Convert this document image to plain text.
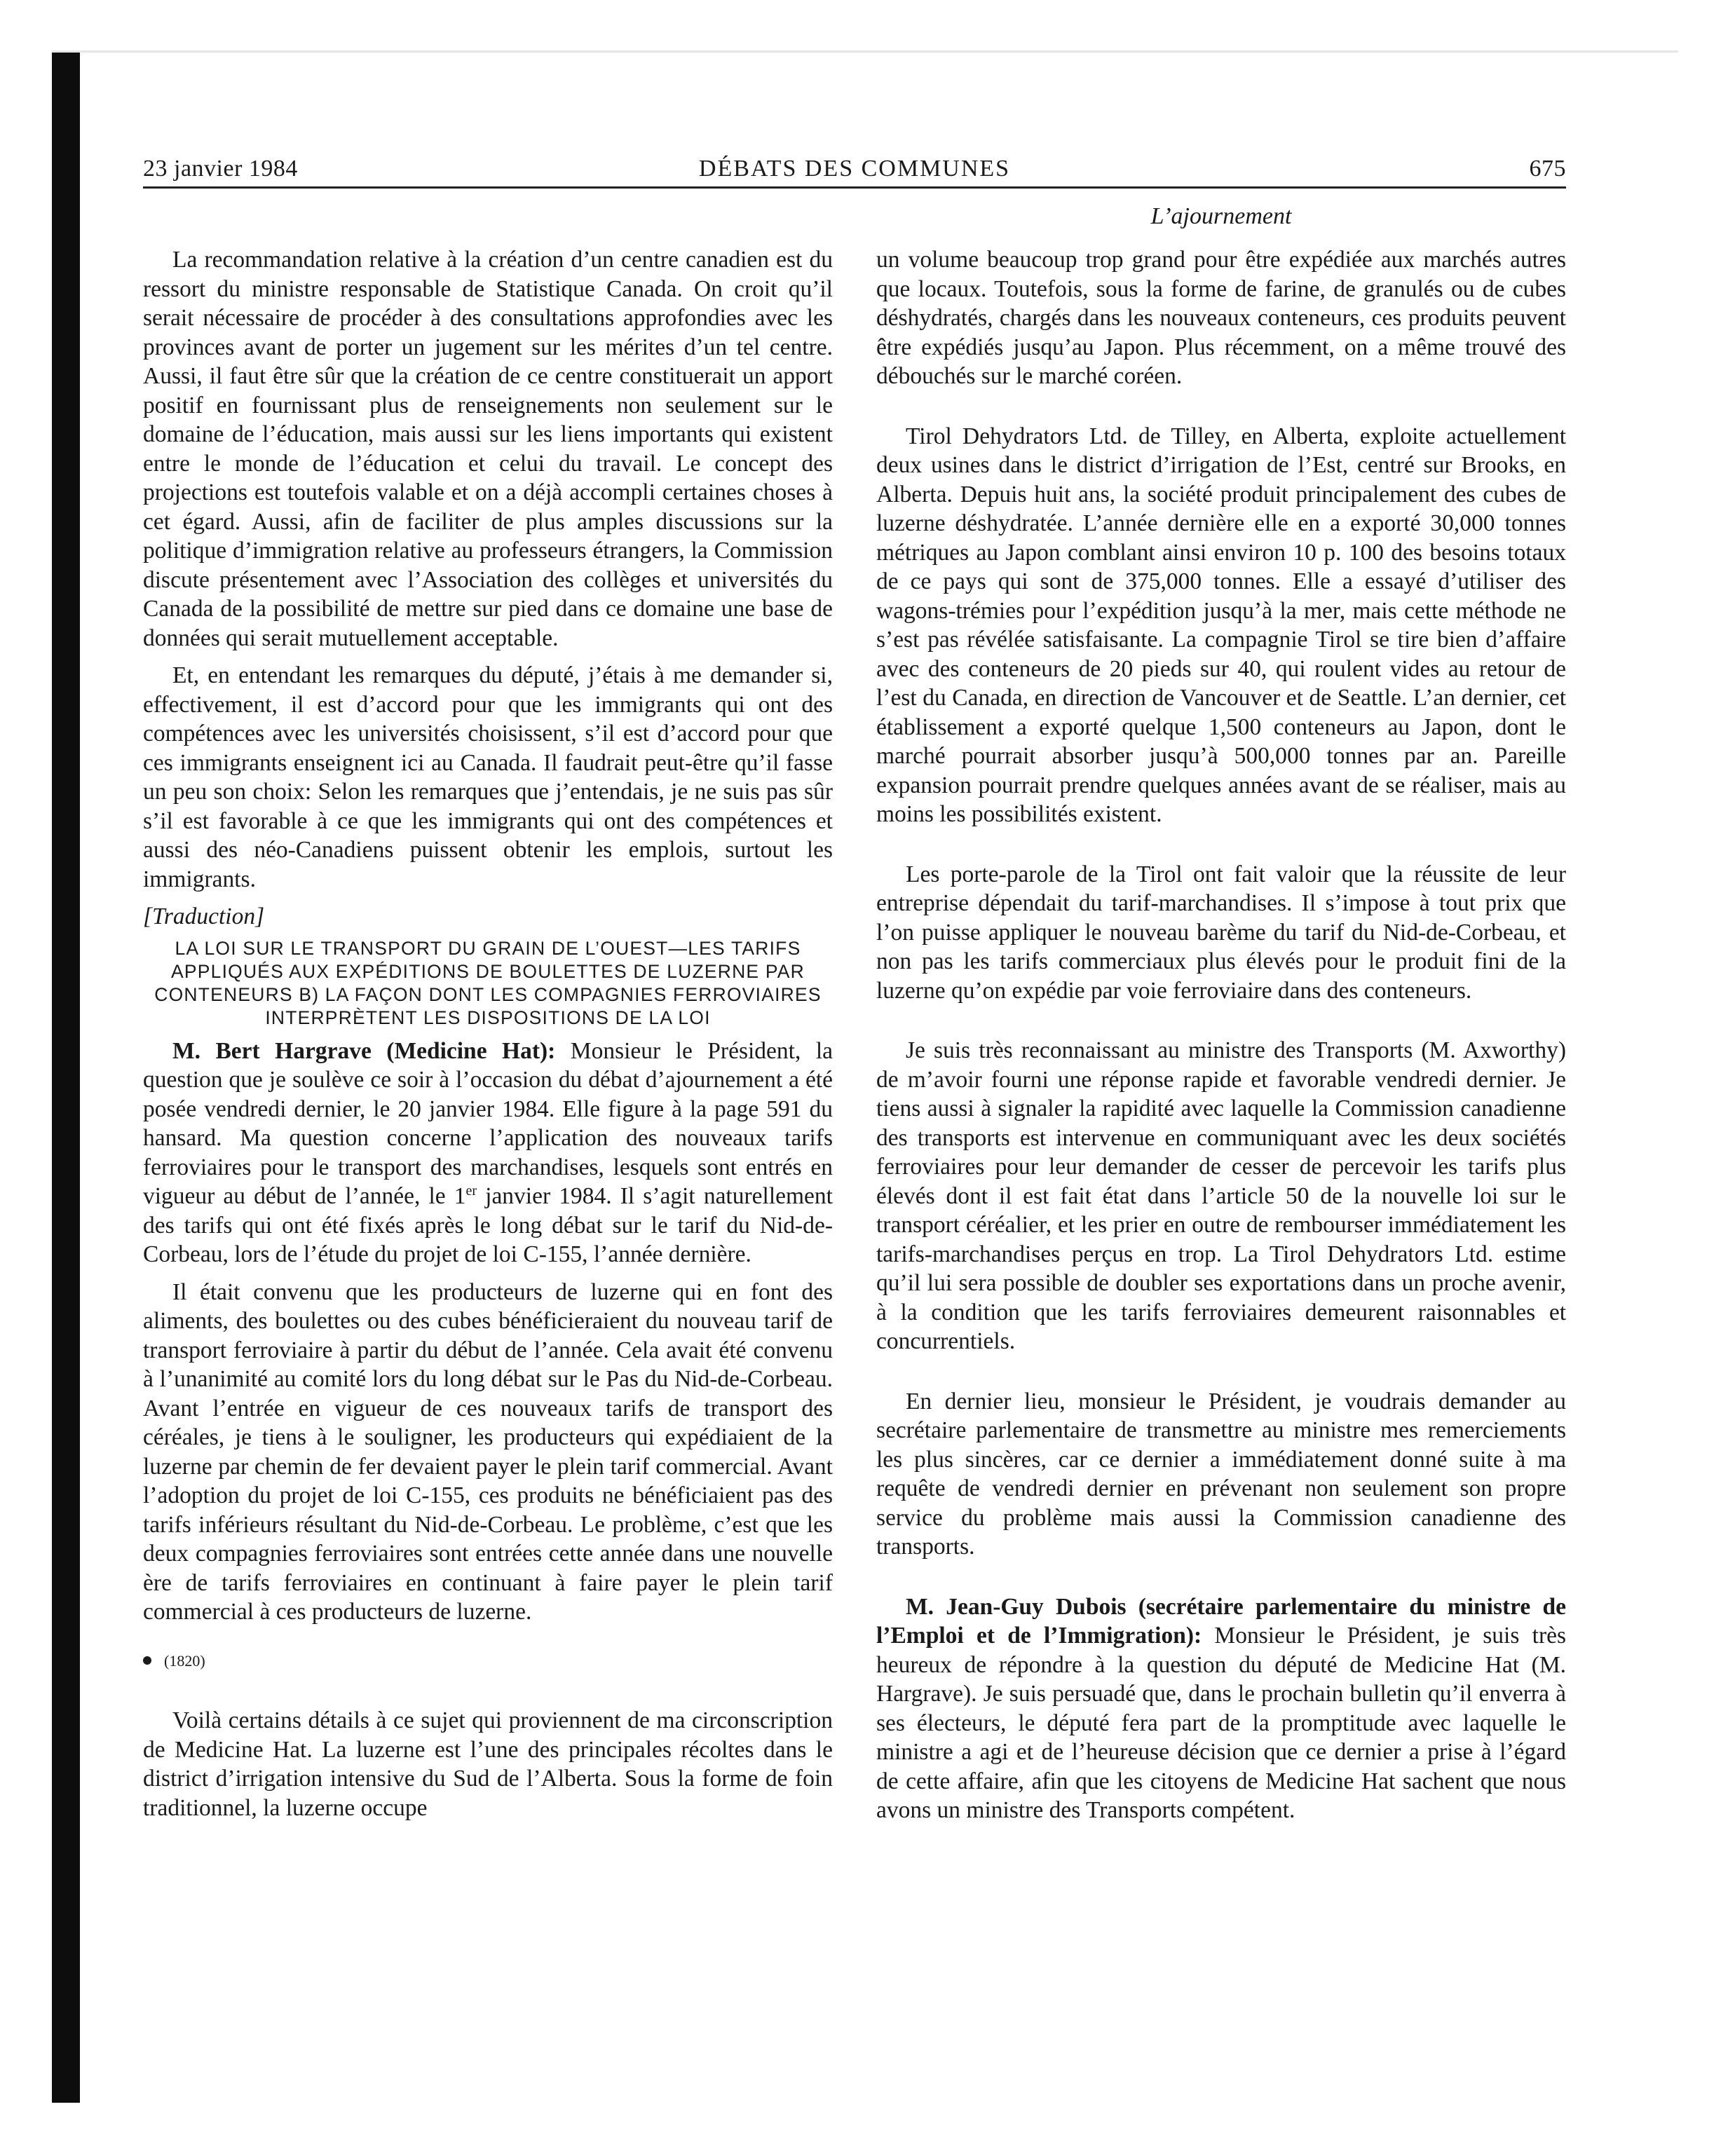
23 janvier 1984	DÉBATS DES COMMUNES	675
L’ajournement

La recommandation relative à la création d’un centre canadien est du ressort du ministre responsable de Statistique Canada. On croit qu’il serait nécessaire de procéder à des consultations approfondies avec les provinces avant de porter un jugement sur les mérites d’un tel centre. Aussi, il faut être sûr que la création de ce centre constituerait un apport positif en fournissant plus de renseignements non seulement sur le domaine de l’éducation, mais aussi sur les liens importants qui existent entre le monde de l’éducation et celui du travail. Le concept des projections est toutefois valable et on a déjà accompli certaines choses à cet égard. Aussi, afin de faciliter de plus amples discussions sur la politique d’immigration relative au professeurs étrangers, la Commission discute présentement avec l’Association des collèges et universités du Canada de la possibilité de mettre sur pied dans ce domaine une base de données qui serait mutuellement acceptable.

Et, en entendant les remarques du député, j’étais à me demander si, effectivement, il est d’accord pour que les immigrants qui ont des compétences avec les universités choisissent, s’il est d’accord pour que ces immigrants enseignent ici au Canada. Il faudrait peut-être qu’il fasse un peu son choix: Selon les remarques que j’entendais, je ne suis pas sûr s’il est favorable à ce que les immigrants qui ont des compétences et aussi des néo-Canadiens puissent obtenir les emplois, surtout les immigrants.

[Traduction]

LA LOI SUR LE TRANSPORT DU GRAIN DE L’OUEST—LES TARIFS APPLIQUÉS AUX EXPÉDITIONS DE BOULETTES DE LUZERNE PAR CONTENEURS B) LA FAÇON DONT LES COMPAGNIES FERROVIAIRES INTERPRÈTENT LES DISPOSITIONS DE LA LOI

M. Bert Hargrave (Medicine Hat): Monsieur le Président, la question que je soulève ce soir à l’occasion du débat d’ajournement a été posée vendredi dernier, le 20 janvier 1984. Elle figure à la page 591 du hansard. Ma question concerne l’application des nouveaux tarifs ferroviaires pour le transport des marchandises, lesquels sont entrés en vigueur au début de l’année, le 1er janvier 1984. Il s’agit naturellement des tarifs qui ont été fixés après le long débat sur le tarif du Nid-de-Corbeau, lors de l’étude du projet de loi C-155, l’année dernière.

Il était convenu que les producteurs de luzerne qui en font des aliments, des boulettes ou des cubes bénéficieraient du nouveau tarif de transport ferroviaire à partir du début de l’année. Cela avait été convenu à l’unanimité au comité lors du long débat sur le Pas du Nid-de-Corbeau. Avant l’entrée en vigueur de ces nouveaux tarifs de transport des céréales, je tiens à le souligner, les producteurs qui expédiaient de la luzerne par chemin de fer devaient payer le plein tarif commercial. Avant l’adoption du projet de loi C-155, ces produits ne bénéficiaient pas des tarifs inférieurs résultant du Nid-de-Corbeau. Le problème, c’est que les deux compagnies ferroviaires sont entrées cette année dans une nouvelle ère de tarifs ferroviaires en continuant à faire payer le plein tarif commercial à ces producteurs de luzerne.

(1820)

Voilà certains détails à ce sujet qui proviennent de ma circonscription de Medicine Hat. La luzerne est l’une des principales récoltes dans le district d’irrigation intensive du Sud de l’Alberta. Sous la forme de foin traditionnel, la luzerne occupe

un volume beaucoup trop grand pour être expédiée aux marchés autres que locaux. Toutefois, sous la forme de farine, de granulés ou de cubes déshydratés, chargés dans les nouveaux conteneurs, ces produits peuvent être expédiés jusqu’au Japon. Plus récemment, on a même trouvé des débouchés sur le marché coréen.

Tirol Dehydrators Ltd. de Tilley, en Alberta, exploite actuellement deux usines dans le district d’irrigation de l’Est, centré sur Brooks, en Alberta. Depuis huit ans, la société produit principalement des cubes de luzerne déshydratée. L’année dernière elle en a exporté 30,000 tonnes métriques au Japon comblant ainsi environ 10 p. 100 des besoins totaux de ce pays qui sont de 375,000 tonnes. Elle a essayé d’utiliser des wagons-trémies pour l’expédition jusqu’à la mer, mais cette méthode ne s’est pas révélée satisfaisante. La compagnie Tirol se tire bien d’affaire avec des conteneurs de 20 pieds sur 40, qui roulent vides au retour de l’est du Canada, en direction de Vancouver et de Seattle. L’an dernier, cet établissement a exporté quelque 1,500 conteneurs au Japon, dont le marché pourrait absorber jusqu’à 500,000 tonnes par an. Pareille expansion pourrait prendre quelques années avant de se réaliser, mais au moins les possibilités existent.

Les porte-parole de la Tirol ont fait valoir que la réussite de leur entreprise dépendait du tarif-marchandises. Il s’impose à tout prix que l’on puisse appliquer le nouveau barème du tarif du Nid-de-Corbeau, et non pas les tarifs commerciaux plus élevés pour le produit fini de la luzerne qu’on expédie par voie ferroviaire dans des conteneurs.

Je suis très reconnaissant au ministre des Transports (M. Axworthy) de m’avoir fourni une réponse rapide et favorable vendredi dernier. Je tiens aussi à signaler la rapidité avec laquelle la Commission canadienne des transports est intervenue en communiquant avec les deux sociétés ferroviaires pour leur demander de cesser de percevoir les tarifs plus élevés dont il est fait état dans l’article 50 de la nouvelle loi sur le transport céréalier, et les prier en outre de rembourser immédiatement les tarifs-marchandises perçus en trop. La Tirol Dehydrators Ltd. estime qu’il lui sera possible de doubler ses exportations dans un proche avenir, à la condition que les tarifs ferroviaires demeurent raisonnables et concurrentiels.

En dernier lieu, monsieur le Président, je voudrais demander au secrétaire parlementaire de transmettre au ministre mes remerciements les plus sincères, car ce dernier a immédiatement donné suite à ma requête de vendredi dernier en prévenant non seulement son propre service du problème mais aussi la Commission canadienne des transports.

M. Jean-Guy Dubois (secrétaire parlementaire du ministre de l’Emploi et de l’Immigration): Monsieur le Président, je suis très heureux de répondre à la question du député de Medicine Hat (M. Hargrave). Je suis persuadé que, dans le prochain bulletin qu’il enverra à ses électeurs, le député fera part de la promptitude avec laquelle le ministre a agi et de l’heureuse décision que ce dernier a prise à l’égard de cette affaire, afin que les citoyens de Medicine Hat sachent que nous avons un ministre des Transports compétent.
